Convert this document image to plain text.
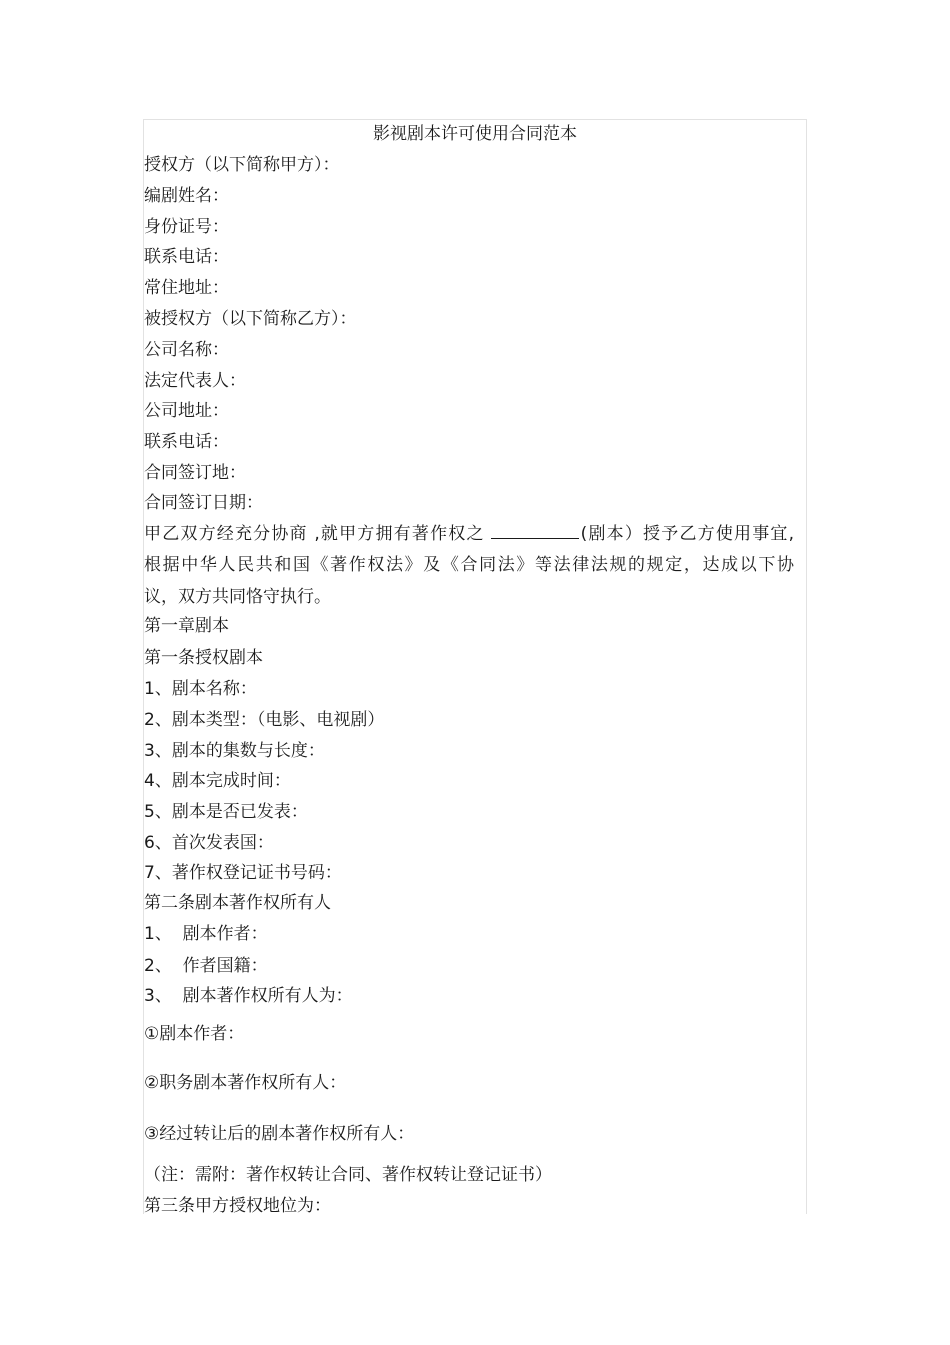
影视剧本许可使用合同范本
授权方（以下简称甲方）：
编剧姓名：
身份证号：
联系电话：
常住地址：
被授权方（以下简称乙方）：
公司名称：
法定代表人：
公司地址：
联系电话：
合同签订地：
合同签订日期：
甲乙双方经充分协商 ,就甲方拥有著作权之	(剧本）授予乙方使用事宜,
根据中华人民共和国《著作权法》及《合同法》等法律法规的规定，达成以下协
议，双方共同恪守执行。
第一章剧本
第一条授权剧本
1、剧本名称：
2、剧本类型：（电影、电视剧）
3、剧本的集数与长度：
4、剧本完成时间：
5、剧本是否已发表：
6、首次发表国：
7、著作权登记证书号码：
第二条剧本著作权所有人
1、  剧本作者：
2、  作者国籍：
3、  剧本著作权所有人为：
①剧本作者：
②职务剧本著作权所有人：
③经过转让后的剧本著作权所有人：
（注：需附：著作权转让合同、著作权转让登记证书）
第三条甲方授权地位为：
